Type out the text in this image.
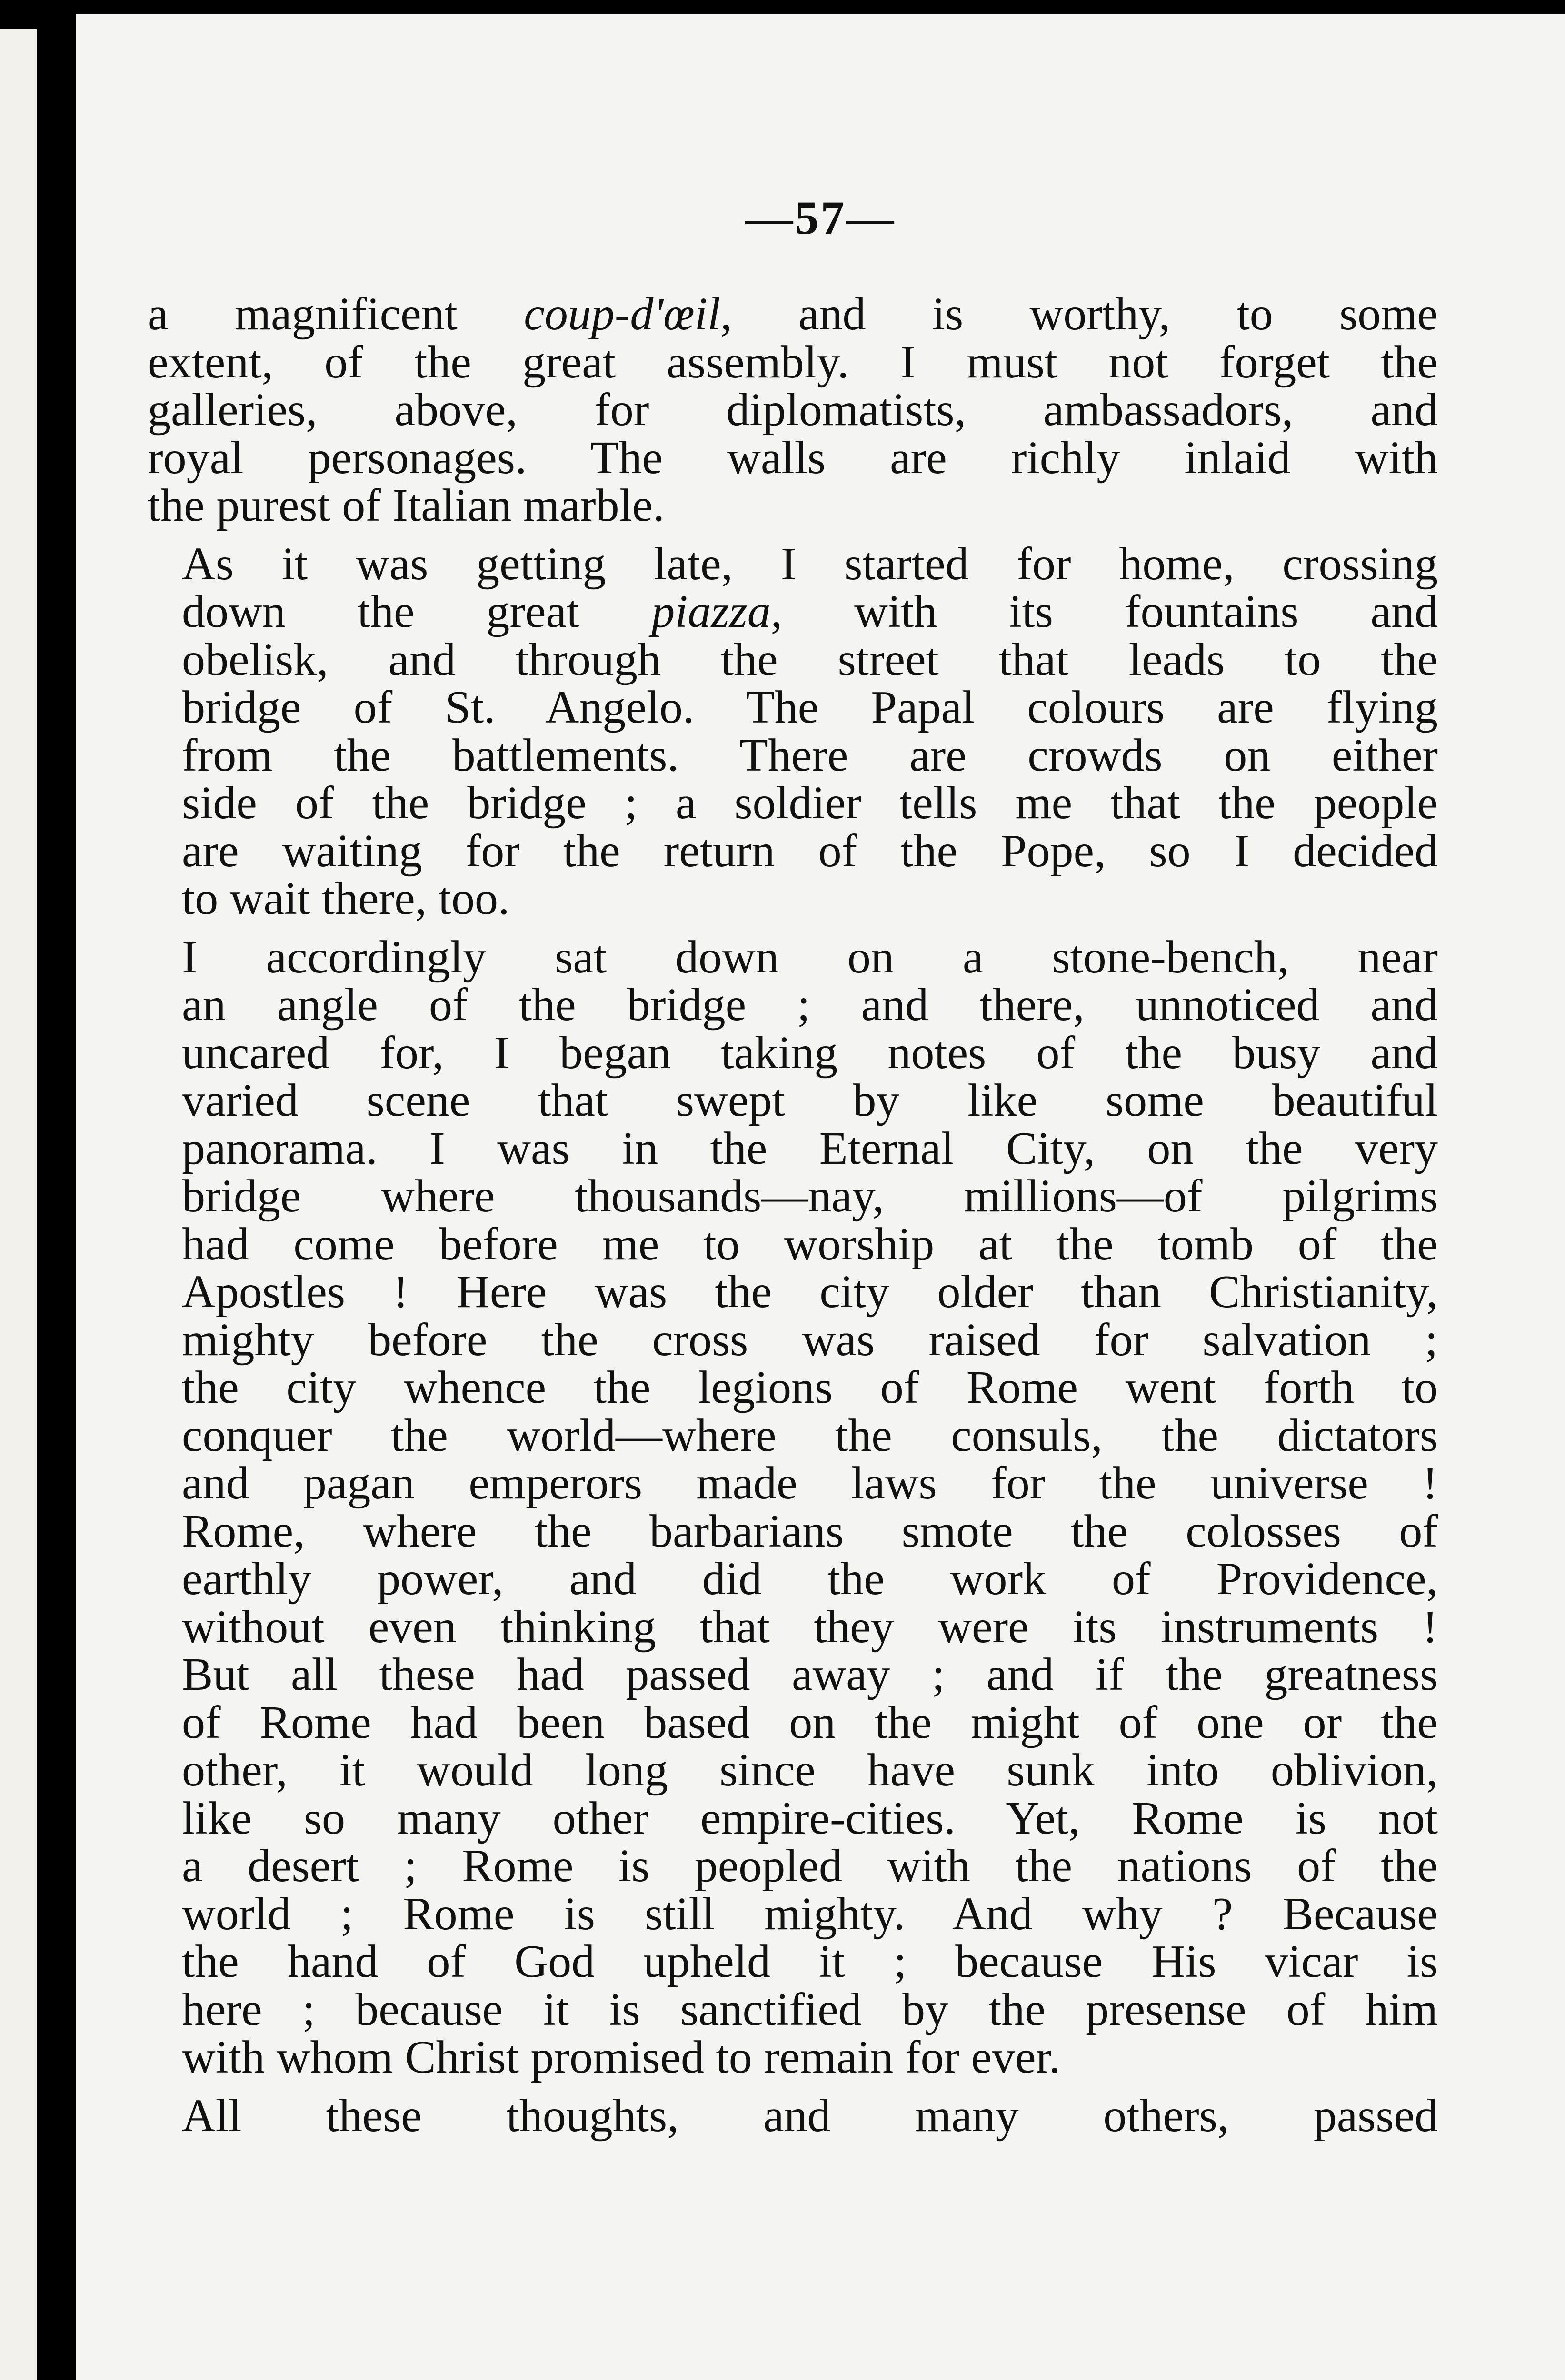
—57—
a magnificent coup-d'œil, and is worthy, to some
extent, of the great assembly. I must not forget the
galleries, above, for diplomatists, ambassadors, and
royal personages. The walls are richly inlaid with
the purest of Italian marble.
As it was getting late, I started for home, crossing
down the great piazza, with its fountains and
obelisk, and through the street that leads to the
bridge of St. Angelo. The Papal colours are flying
from the battlements. There are crowds on either
side of the bridge ; a soldier tells me that the people
are waiting for the return of the Pope, so I decided
to wait there, too.
I accordingly sat down on a stone-bench, near
an angle of the bridge ; and there, unnoticed and
uncared for, I began taking notes of the busy and
varied scene that swept by like some beautiful
panorama. I was in the Eternal City, on the very
bridge where thousands—nay, millions—of pilgrims
had come before me to worship at the tomb of the
Apostles ! Here was the city older than Christianity,
mighty before the cross was raised for salvation ;
the city whence the legions of Rome went forth to
conquer the world—where the consuls, the dictators
and pagan emperors made laws for the universe !
Rome, where the barbarians smote the colosses of
earthly power, and did the work of Providence,
without even thinking that they were its instruments !
But all these had passed away ; and if the greatness
of Rome had been based on the might of one or the
other, it would long since have sunk into oblivion,
like so many other empire-cities. Yet, Rome is not
a desert ; Rome is peopled with the nations of the
world ; Rome is still mighty. And why ? Because
the hand of God upheld it ; because His vicar is
here ; because it is sanctified by the presense of him
with whom Christ promised to remain for ever.
All these thoughts, and many others, passed
